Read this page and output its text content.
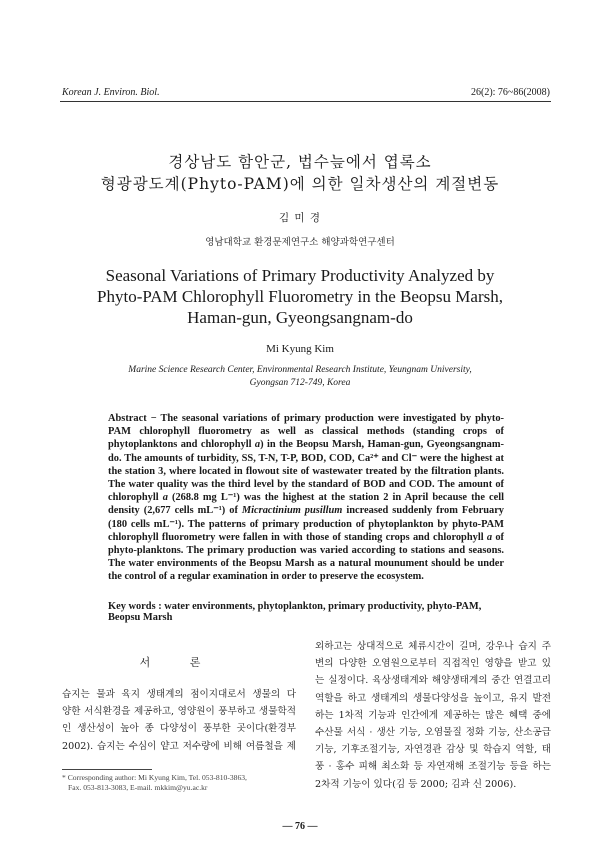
Korean J. Environ. Biol.	26(2): 76~86(2008)
경상남도 함안군, 법수늪에서 엽록소
형광광도계(Phyto-PAM)에 의한 일차생산의 계절변동
김 미 경
영남대학교 환경문제연구소 해양과학연구센터
Seasonal Variations of Primary Productivity Analyzed by
Phyto-PAM Chlorophyll Fluorometry in the Beopsu Marsh,
Haman-gun, Gyeongsangnam-do
Mi Kyung Kim
Marine Science Research Center, Environmental Research Institute, Yeungnam University,
Gyongsan 712-749, Korea
Abstract − The seasonal variations of primary production were investigated by phyto-PAM chlorophyll fluorometry as well as classical methods (standing crops of phytoplanktons and chlorophyll a) in the Beopsu Marsh, Haman-gun, Gyeongsangnam-do. The amounts of turbidity, SS, T-N, T-P, BOD, COD, Ca²⁺ and Cl⁻ were the highest at the station 3, where located in flowout site of wastewater treated by the filtration plants. The water quality was the third level by the standard of BOD and COD. The amount of chlorophyll a (268.8 mg L⁻¹) was the highest at the station 2 in April because the cell density (2,677 cells mL⁻¹) of Micractinium pusillum increased suddenly from February (180 cells mL⁻¹). The patterns of primary production of phytoplankton by phyto-PAM chlorophyll fluorometry were fallen in with those of standing crops and chlorophyll a of phyto-planktons. The primary production was varied according to stations and seasons. The water environments of the Beopsu Marsh as a natural mounument should be under the control of a regular examination in order to preserve the ecosystem.
Key words : water environments, phytoplankton, primary productivity, phyto-PAM, Beopsu Marsh
서 론
습지는 물과 육지 생태계의 점이지대로서 생물의 다
양한 서식환경을 제공하고, 영양원이 풍부하고 생물학적
인 생산성이 높아 종 다양성이 풍부한 곳이다(환경부
2002). 습지는 수심이 얕고 저수량에 비해 여름철을 제
외하고는 상대적으로 체류시간이 길며, 강우나 습지 주
변의 다양한 오염원으로부터 직접적인 영향을 받고 있
는 실정이다. 육상생태계와 해양생태계의 중간 연결고리
역할을 하고 생태계의 생물다양성을 높이고, 유지 발전
하는 1차적 기능과 인간에게 제공하는 많은 혜택 중에
수산물 서식 · 생산 기능, 오염물질 정화 기능, 산소공급
기능, 기후조절기능, 자연경관 감상 및 학습지 역할, 태
풍 · 홍수 피해 최소화 등 자연재해 조절기능 등을 하는
2차적 기능이 있다(김 등 2000; 김과 신 2006).
* Corresponding author: Mi Kyung Kim, Tel. 053-810-3863,
Fax. 053-813-3083, E-mail. mkkim@yu.ac.kr
— 76 —
